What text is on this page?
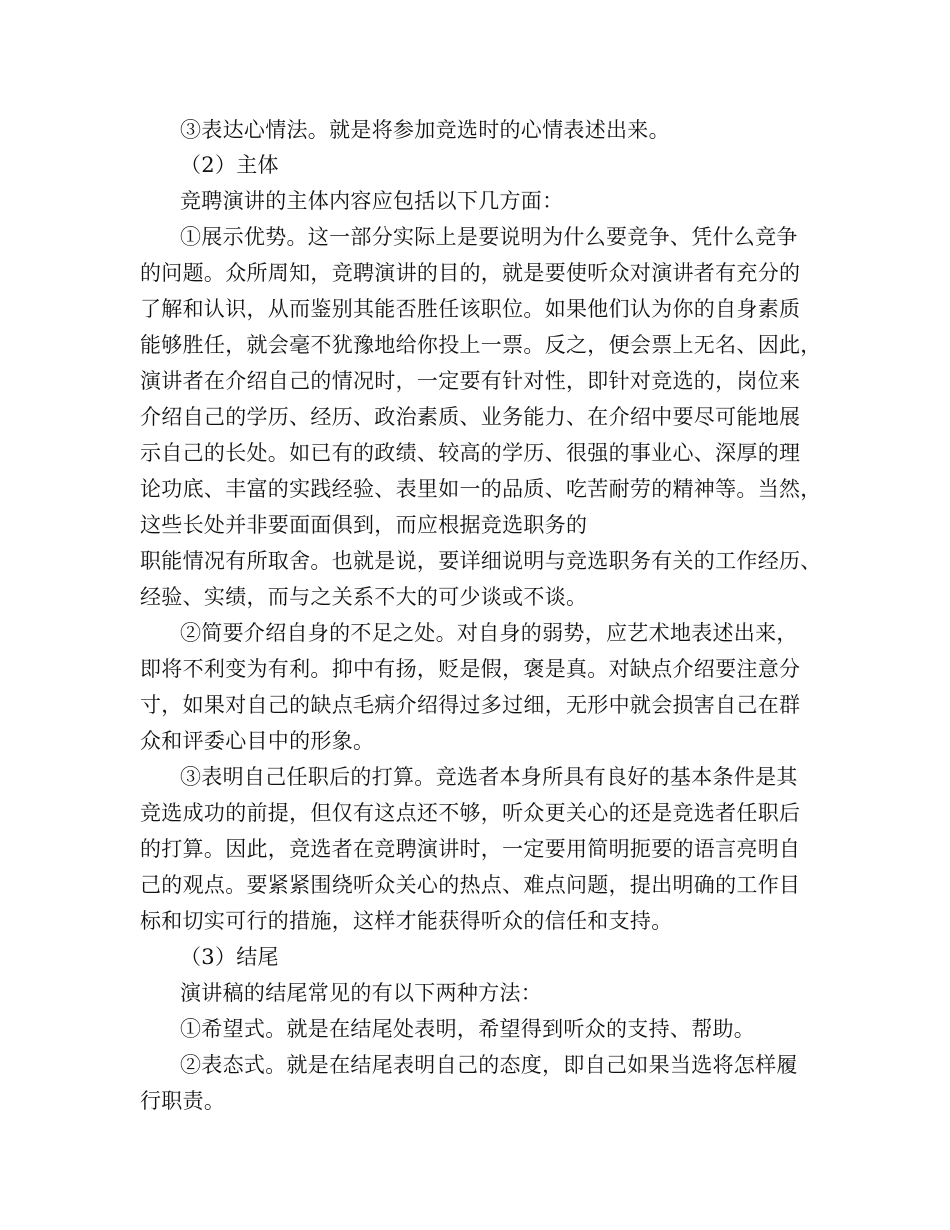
③表达心情法。就是将参加竞选时的心情表述出来。
（2）主体
竞聘演讲的主体内容应包括以下几方面：
①展示优势。这一部分实际上是要说明为什么要竞争、凭什么竞争
的问题。众所周知，竞聘演讲的目的，就是要使听众对演讲者有充分的
了解和认识，从而鉴别其能否胜任该职位。如果他们认为你的自身素质
能够胜任，就会毫不犹豫地给你投上一票。反之，便会票上无名、因此，
演讲者在介绍自己的情况时，一定要有针对性，即针对竞选的，岗位来
介绍自己的学历、经历、政治素质、业务能力、在介绍中要尽可能地展
示自己的长处。如已有的政绩、较高的学历、很强的事业心、深厚的理
论功底、丰富的实践经验、表里如一的品质、吃苦耐劳的精神等。当然，
这些长处并非要面面俱到，而应根据竞选职务的
职能情况有所取舍。也就是说，要详细说明与竞选职务有关的工作经历、
经验、实绩，而与之关系不大的可少谈或不谈。
②简要介绍自身的不足之处。对自身的弱势，应艺术地表述出来，
即将不利变为有利。抑中有扬，贬是假，褒是真。对缺点介绍要注意分
寸，如果对自己的缺点毛病介绍得过多过细，无形中就会损害自己在群
众和评委心目中的形象。
③表明自己任职后的打算。竞选者本身所具有良好的基本条件是其
竞选成功的前提，但仅有这点还不够，听众更关心的还是竞选者任职后
的打算。因此，竞选者在竞聘演讲时，一定要用简明扼要的语言亮明自
己的观点。要紧紧围绕听众关心的热点、难点问题，提出明确的工作目
标和切实可行的措施，这样才能获得听众的信任和支持。
（3）结尾
演讲稿的结尾常见的有以下两种方法：
①希望式。就是在结尾处表明，希望得到听众的支持、帮助。
②表态式。就是在结尾表明自己的态度，即自己如果当选将怎样履
行职责。
